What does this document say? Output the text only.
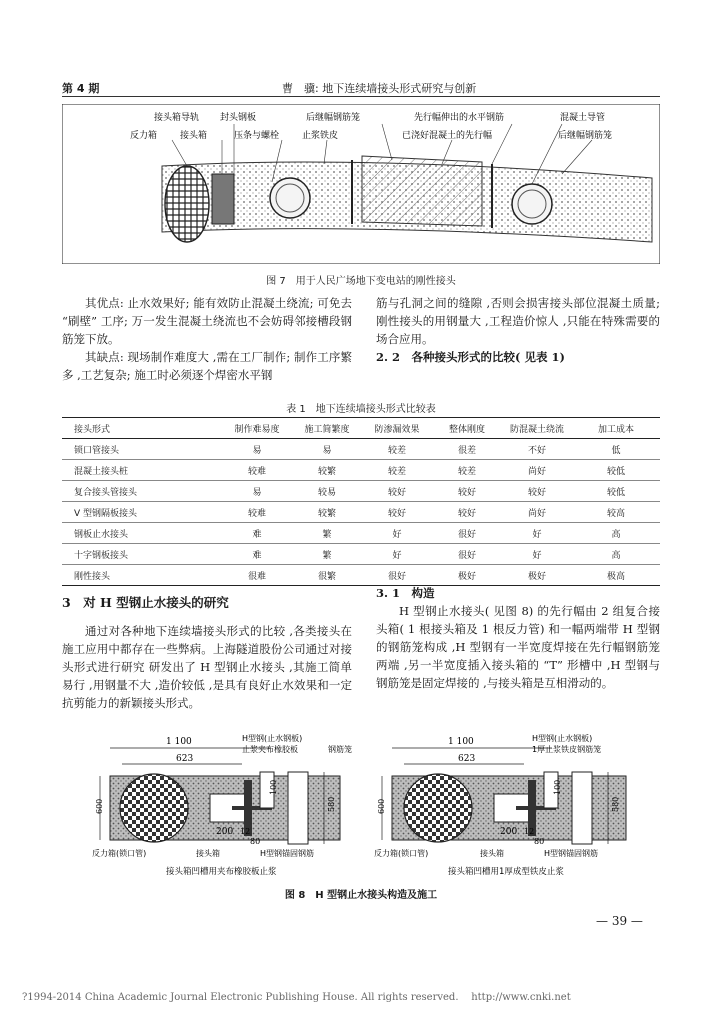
第 4 期	曹　骥: 地下连续墙接头形式研究与创新
接头箱导轨 封头钢板	后继幅钢筋笼	先行幅伸出的水平钢筋	混凝土导管
反力箱	接头箱	压条与螺栓	止浆铁皮	已浇好混凝土的先行幅	后继幅钢筋笼
图 7　用于人民广场地下变电站的刚性接头

其优点: 止水效果好; 能有效防止混凝土绕流; 可免去 “刷壁” 工序; 万一发生混凝土绕流也不会妨碍邻接槽段钢筋笼下放。

其缺点: 现场制作难度大 ,需在工厂制作; 制作工序繁多 ,工艺复杂; 施工时必须逐个焊密水平钢

筋与孔洞之间的缝隙 ,否则会损害接头部位混凝土质量; 刚性接头的用钢量大 ,工程造价惊人 ,只能在特殊需要的场合应用。

2. 2　各种接头形式的比较( 见表 1)

表 1　地下连续墙接头形式比较表
接头形式	制作难易度	施工简繁度	防渗漏效果	整体刚度	防混凝土绕流	加工成本
锁口管接头	易	易	较差	很差	不好	低
混凝土接头桩	较难	较繁	较差	较差	尚好	较低
复合接头管接头	易	较易	较好	较好	较好	较低
V 型钢隔板接头	较难	较繁	较好	较好	尚好	较高
钢板止水接头	难	繁	好	很好	好	高
十字钢板接头	难	繁	好	很好	好	高
刚性接头	很难	很繁	很好	极好	极好	极高

3　对 H 型钢止水接头的研究

通过对各种地下连续墙接头形式的比较 ,各类接头在施工应用中都存在一些弊病。上海隧道股份公司通过对接头形式进行研究 研发出了 H 型钢止水接头 ,其施工简单易行 ,用钢量不大 ,造价较低 ,是具有良好止水效果和一定抗剪能力的新颖接头形式。

3. 1　构造

H 型钢止水接头( 见图 8) 的先行幅由 2 组复合接头箱( 1 根接头箱及 1 根反力管) 和一幅两端带 H 型钢的钢筋笼构成 ,H 型钢有一半宽度焊接在先行幅钢筋笼两端 ,另一半宽度插入接头箱的 “T” 形槽中 ,H 型钢与钢筋笼是固定焊接的 ,与接头箱是互相滑动的。

1 100
623
100
600	580
200 12
80
H型钢(止水钢板)
止浆夹布橡胶板	钢筋笼
反力箱(锁口管)	接头箱	H型钢锚固钢筋
接头箱凹槽用夹布橡胶板止浆
1 100
623
100
600	580
200 12
80
H型钢(止水钢板)
1厚止浆铁皮钢筋笼
反力箱(锁口管)	接头箱	H型钢锚固钢筋
接头箱凹槽用1厚成型铁皮止浆
图 8　H 型钢止水接头构造及施工
— 39 —
?1994-2014 China Academic Journal Electronic Publishing House. All rights reserved.    http://www.cnki.net
